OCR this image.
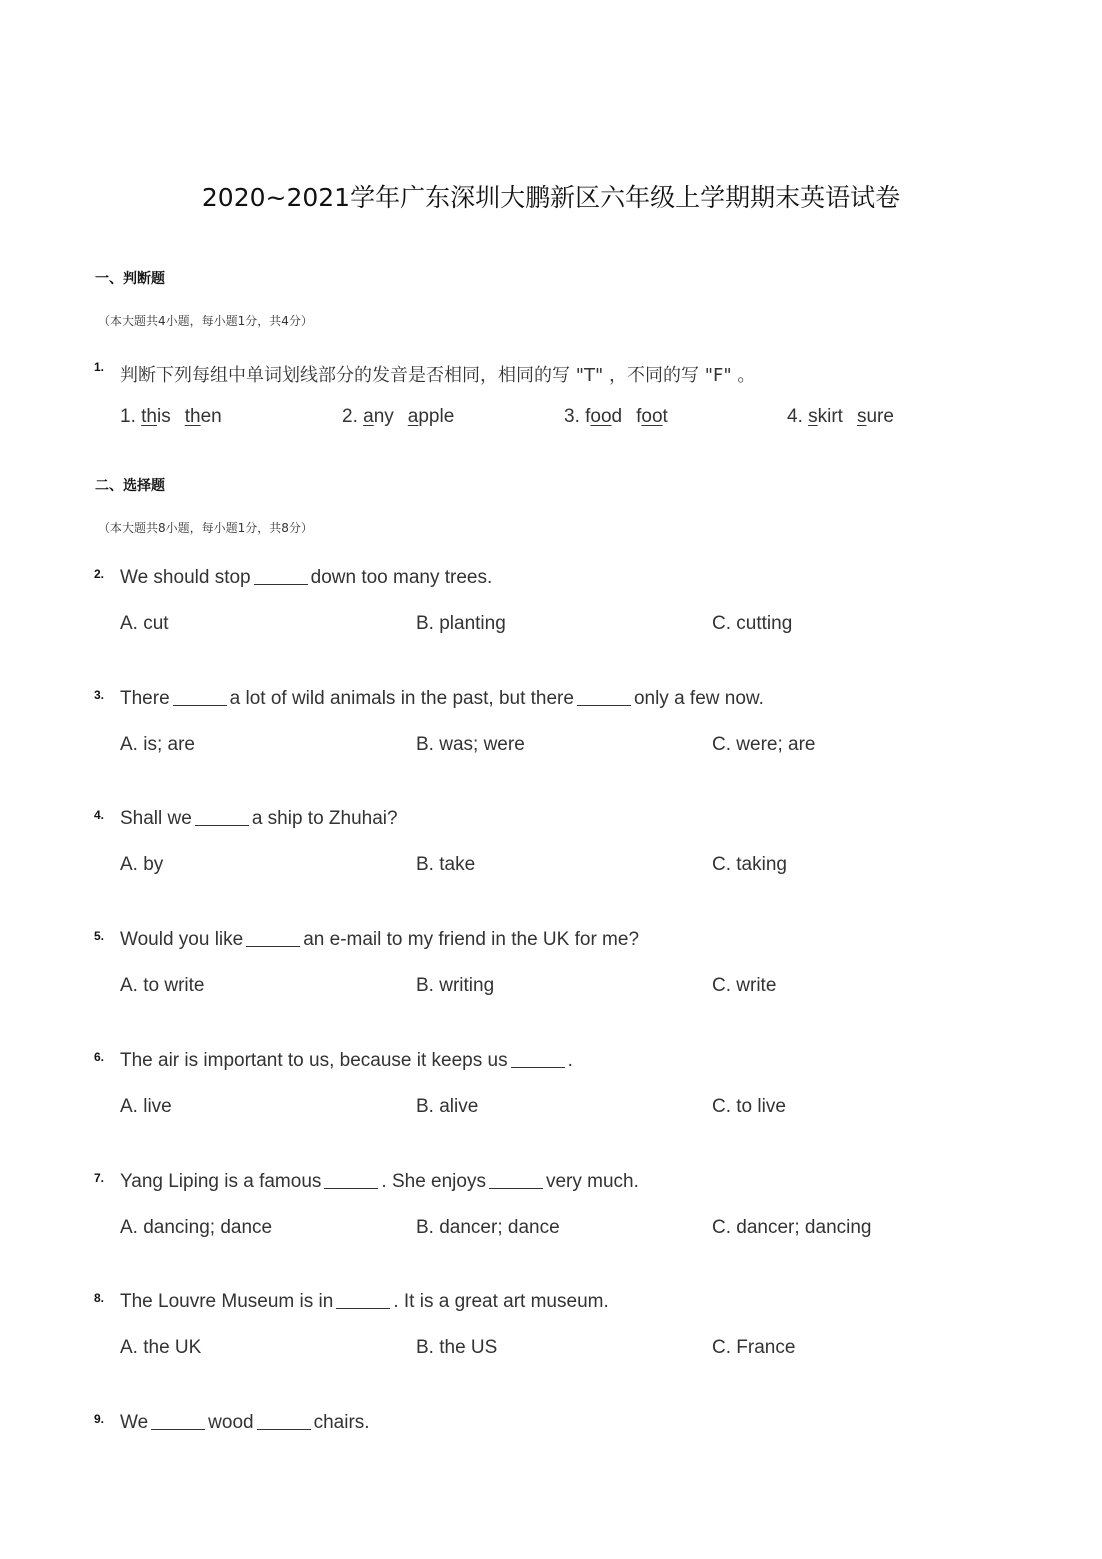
2020~2021学年广东深圳大鹏新区六年级上学期期末英语试卷
一、判断题
（本大题共4小题，每小题1分，共4分）
1. 判断下列每组中单词划线部分的发音是否相同，相同的写 "T" ，不同的写 "F" 。
1. this then	2. any apple	3. food foot	4. skirt sure
二、选择题
（本大题共8小题，每小题1分，共8分）
2. We should stop	down too many trees.
A. cut	B. planting	C. cutting
3. There	a lot of wild animals in the past, but there	only a few now.
A. is; are	B. was; were	C. were; are
4. Shall we	a ship to Zhuhai?
A. by	B. take	C. taking
5. Would you like	an e-mail to my friend in the UK for me?
A. to write	B. writing	C. write
6. The air is important to us, because it keeps us	.
A. live	B. alive	C. to live
7. Yang Liping is a famous	. She enjoys	very much.
A. dancing; dance	B. dancer; dance	C. dancer; dancing
8. The Louvre Museum is in	. It is a great art museum.
A. the UK	B. the US	C. France
9. We	wood	chairs.
